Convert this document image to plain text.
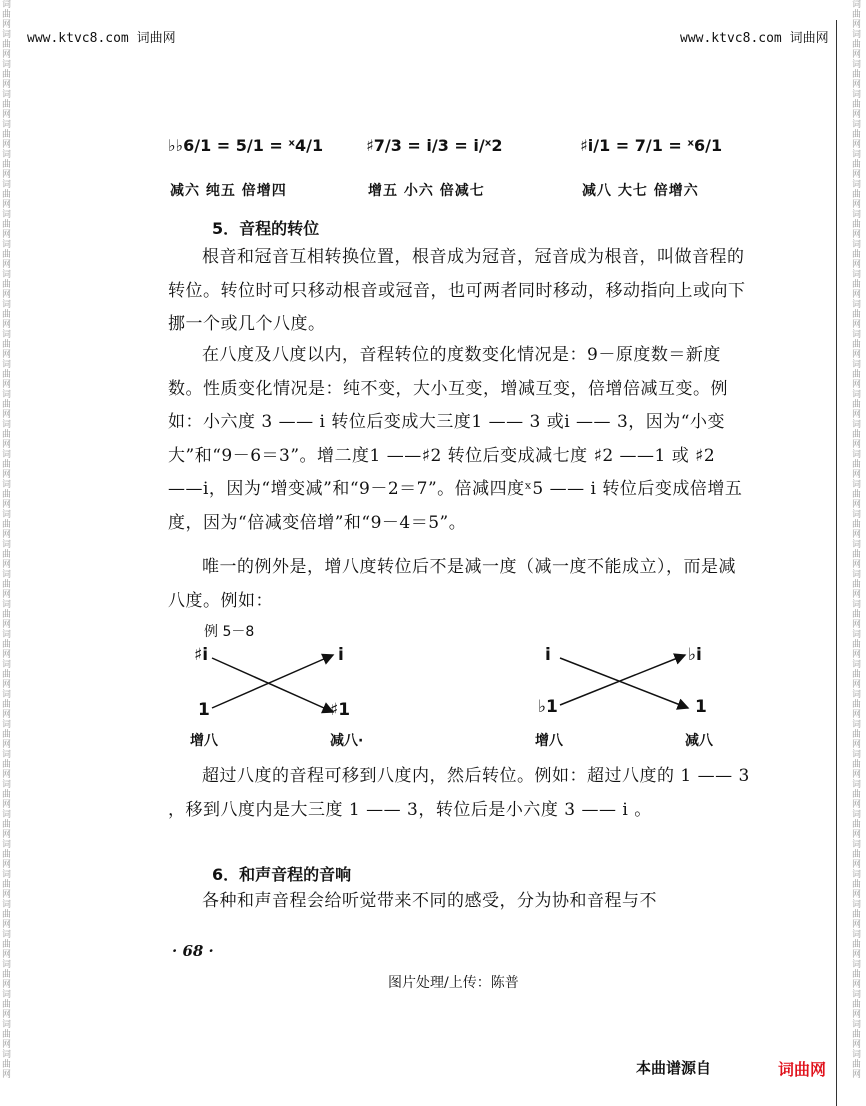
词曲网词曲网词曲网词曲网词曲网词曲网词曲网词曲网词曲网词曲网词曲网词曲网词曲网词曲网词曲网词曲网词曲网词曲网词曲网词曲网词曲网词曲网词曲网词曲网词曲网词曲网词曲网词曲网词曲网词曲网词曲网词曲网词曲网词曲网词曲网词曲网
词曲网词曲网词曲网词曲网词曲网词曲网词曲网词曲网词曲网词曲网词曲网词曲网词曲网词曲网词曲网词曲网词曲网词曲网词曲网词曲网词曲网词曲网词曲网词曲网词曲网词曲网词曲网词曲网词曲网词曲网词曲网词曲网词曲网词曲网词曲网词曲网
www.ktvc8.com 词曲网	www.ktvc8.com 词曲网
♭♭6/1 = 5/1 = ˣ4/1	♯7/3 = i/3 = i/ˣ2	♯i/1 = 7/1 = ˣ6/1
减六 纯五 倍增四	增五 小六 倍减七	减八 大七 倍增六
5．音程的转位
根音和冠音互相转换位置，根音成为冠音，冠音成为根音，叫做音程的转位。转位时可只移动根音或冠音，也可两者同时移动，移动指向上或向下挪一个或几个八度。
在八度及八度以内，音程转位的度数变化情况是：9－原度数＝新度数。性质变化情况是：纯不变，大小互变，增减互变，倍增倍减互变。例如：小六度 3 —— i 转位后变成大三度1 —— 3 或i —— 3，因为“小变大”和“9－6＝3”。增二度1 ——♯2 转位后变成减七度 ♯2 ——1 或 ♯2——i，因为“增变减”和“9－2＝7”。倍减四度ˣ5 —— i 转位后变成倍增五度，因为“倍减变倍增”和“9－4＝5”。
唯一的例外是，增八度转位后不是减一度（减一度不能成立），而是减八度。例如：
例 5－8
♯i	i
1	♯1
增八	减八·
i	♭i
♭1	1
增八	减八
超过八度的音程可移到八度内，然后转位。例如：超过八度的 1 —— 3 ，移到八度内是大三度 1 —— 3，转位后是小六度 3 —— i 。
6．和声音程的音响
各种和声音程会给听觉带来不同的感受，分为协和音程与不
· 68 ·
图片处理/上传：陈普
本曲谱源自	词曲网
